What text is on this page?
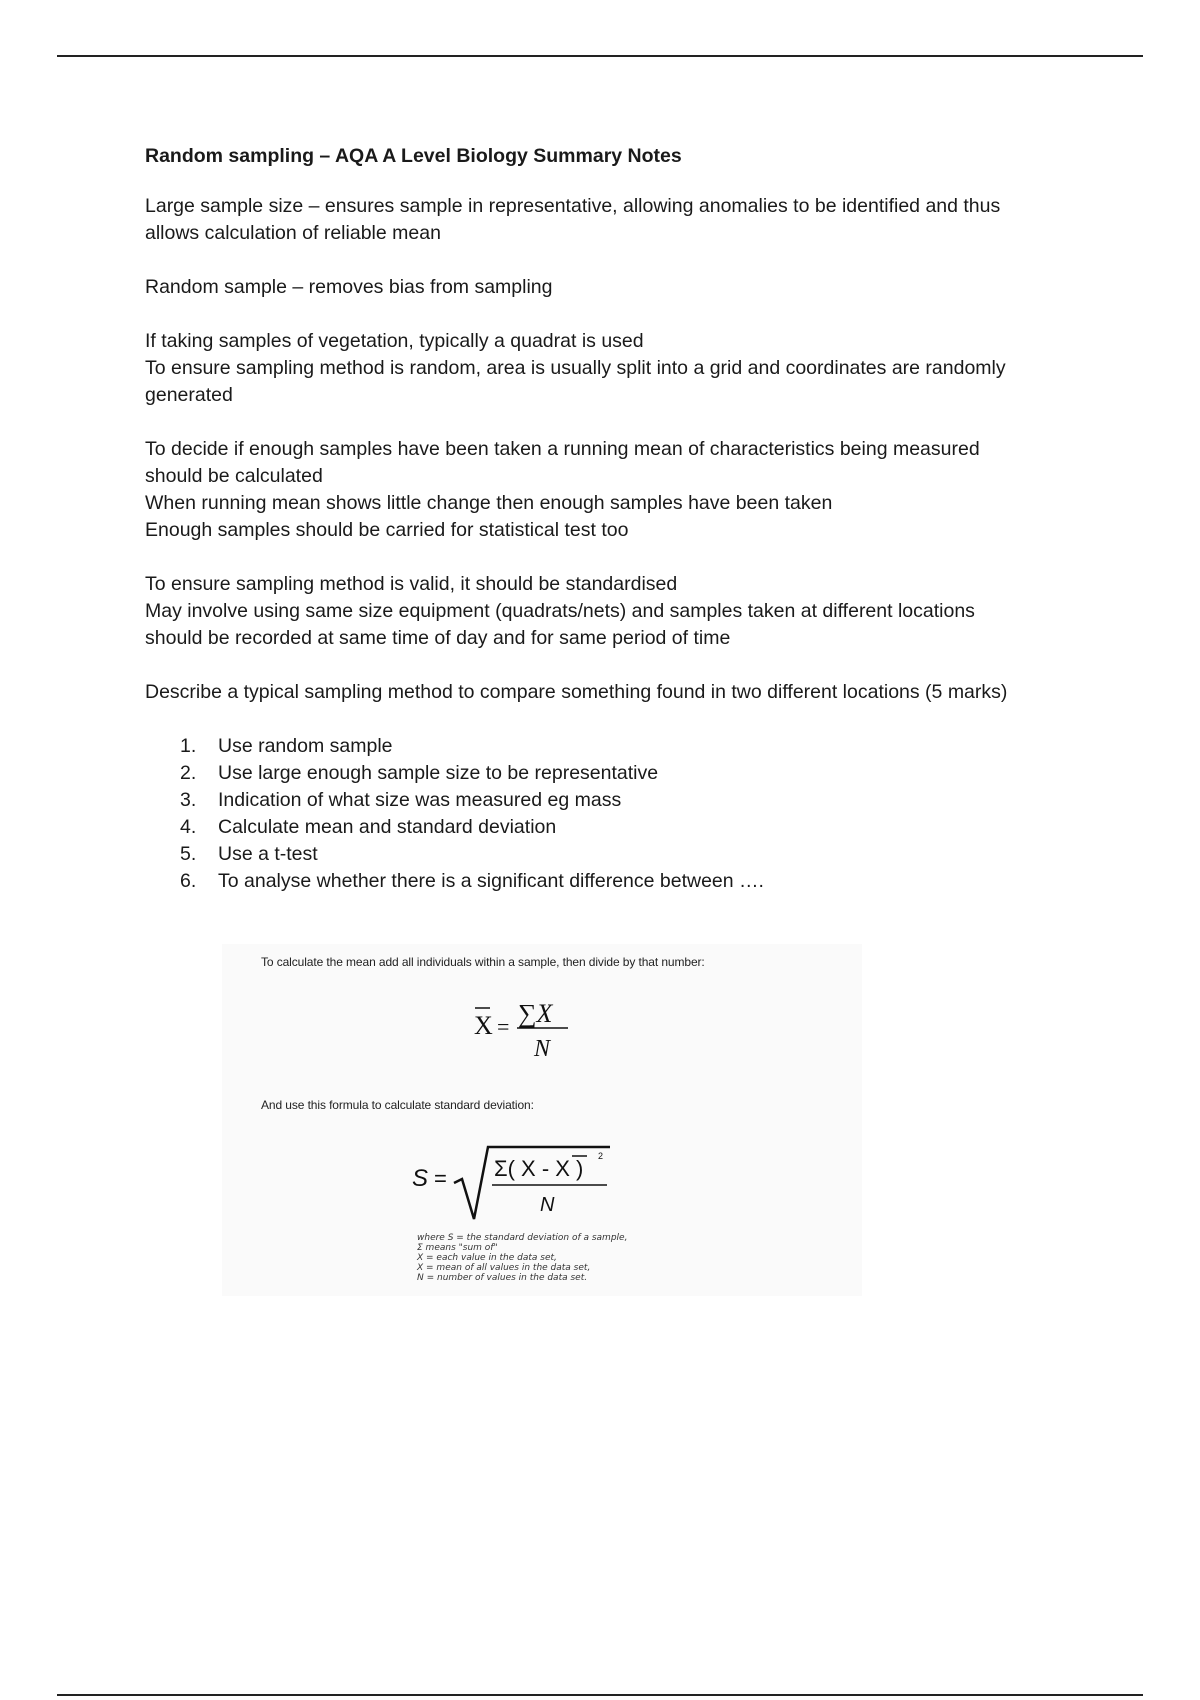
Random sampling – AQA A Level Biology Summary Notes
Large sample size – ensures sample in representative, allowing anomalies to be identified and thus
allows calculation of reliable mean
Random sample – removes bias from sampling
If taking samples of vegetation, typically a quadrat is used
To ensure sampling method is random, area is usually split into a grid and coordinates are randomly
generated
To decide if enough samples have been taken a running mean of characteristics being measured
should be calculated
When running mean shows little change then enough samples have been taken
Enough samples should be carried for statistical test too
To ensure sampling method is valid, it should be standardised
May involve using same size equipment (quadrats/nets) and samples taken at different locations
should be recorded at same time of day and for same period of time
Describe a typical sampling method to compare something found in two different locations (5 marks)
1.	Use random sample
2.	Use large enough sample size to be representative
3.	Indication of what size was measured eg mass
4.	Calculate mean and standard deviation
5.	Use a t-test
6.	To analyse whether there is a significant difference between ….
To calculate the mean add all individuals within a sample, then divide by that number:
X = ∑X
N
And use this formula to calculate standard deviation:
S = Σ( X - X ) 2
N
where S = the standard deviation of a sample,
Σ means "sum of"
X = each value in the data set,
X = mean of all values in the data set,
N = number of values in the data set.
